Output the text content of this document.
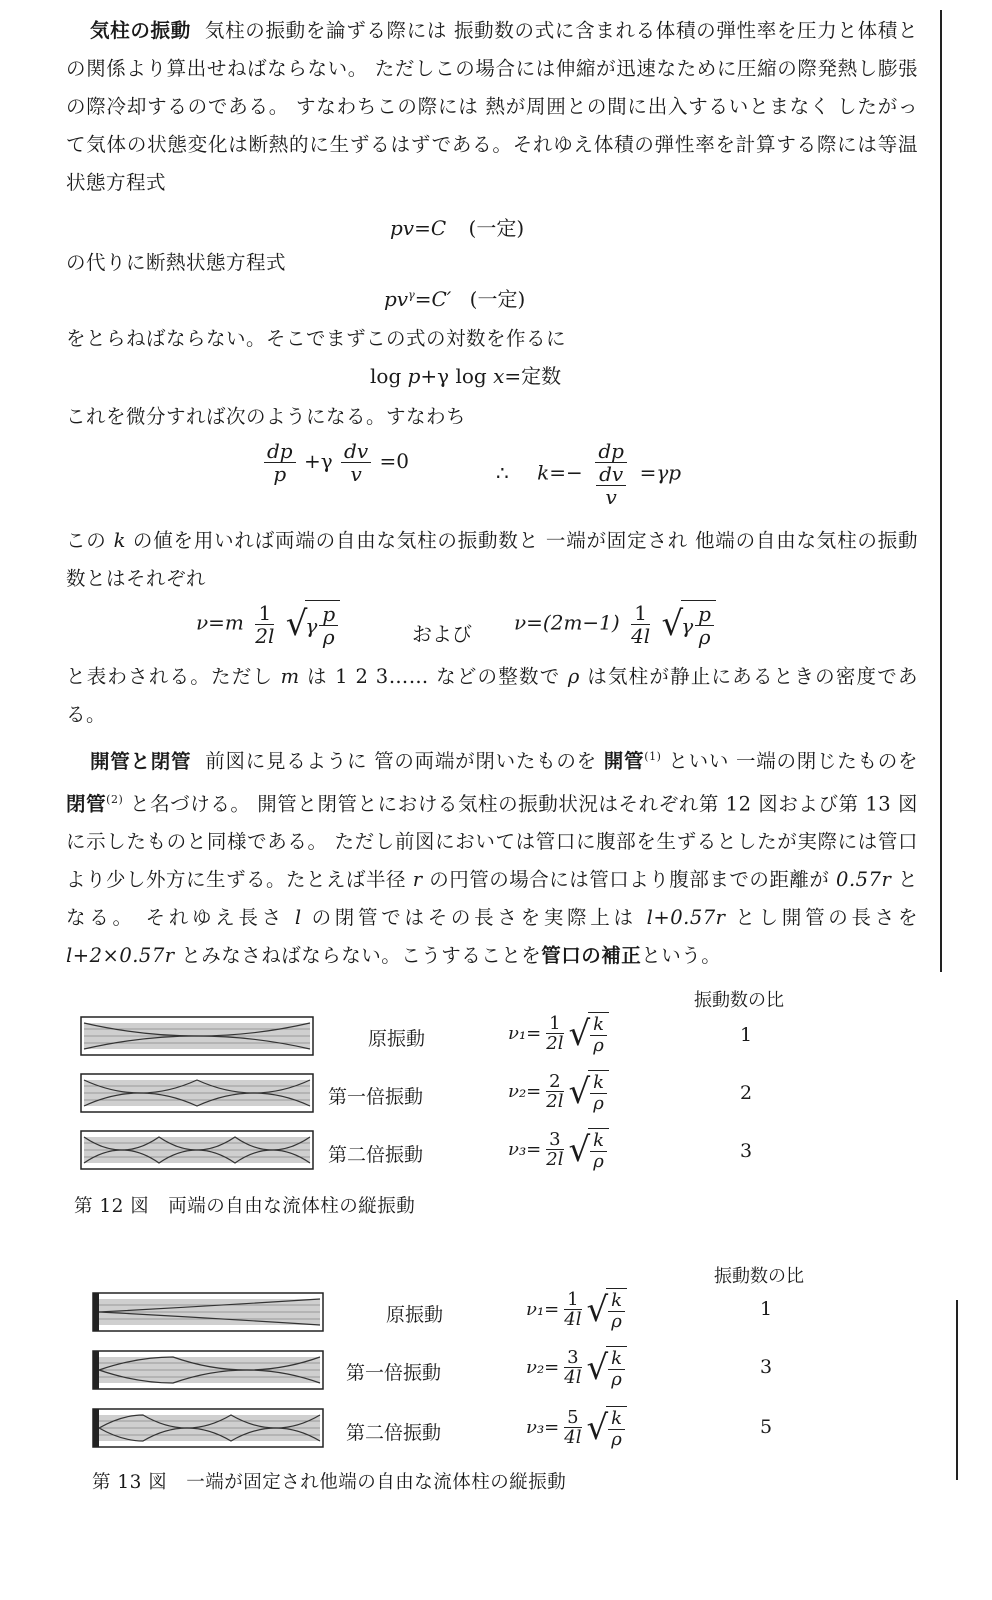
気柱の振動 気柱の振動を論ずる際には 振動数の式に含まれる体積の弾性率を圧力と体積との関係より算出せねばならない。 ただしこの場合には伸縮が迅速なために圧縮の際発熱し膨張の際冷却するのである。 すなわちこの際には 熱が周囲との間に出入するいとまなく したがって気体の状態変化は断熱的に生ずるはずである。それゆえ体積の弾性率を計算する際には等温状態方程式

pv=C (一定)
の代りに断熱状態方程式
$pv^\gamma=C'$ (一定)
をとらねばならない。そこでまずこの式の対数を作るに
log p+γ log x=定数
これを微分すれば次のようになる。すなわち
$\frac{dp}{p} +\gamma \frac{dv}{v} =0$	∴ $k=- \frac{dp}{\frac{dv}{v}} =\gamma p$

この k の値を用いれば両端の自由な気柱の振動数と 一端が固定され 他端の自由な気柱の振動数とはそれぞれ

$\nu=m \frac{1}{2l}$
√
γ $\frac{p}{\rho}$	および $\nu=(2m-1) \frac{1}{4l}$
√
γ $\frac{p}{\rho}$

と表わされる。ただし m は 1 2 3…… などの整数で ρ は気柱が静止にあるときの密度である。

開管と閉管 前図に見るように 管の両端が閉いたものを 開管$^{(1)}$ といい 一端の閉じたものを 閉管$^{(2)}$ と名づける。 開管と閉管とにおける気柱の振動状況はそれぞれ第 12 図および第 13 図に示したものと同様である。 ただし前図においては管口に腹部を生ずるとしたが実際には管口より少し外方に生ずる。たとえば半径 r の円管の場合には管口より腹部までの距離が 0.57r となる。 それゆえ長さ l の閉管ではその長さを実際上は l+0.57r とし開管の長さを l+2×0.57r とみなさねばならない。こうすることを管口の補正という。

振動数の比
原振動
第一倍振動
第二倍振動
$\nu_1= \frac{1}{2l}$ √ $\frac{k}{\rho}$
$\nu_2= \frac{2}{2l}$ √ $\frac{k}{\rho}$
$\nu_3= \frac{3}{2l}$ √ $\frac{k}{\rho}$
1
2
3
第 12 図　両端の自由な流体柱の縦振動
振動数の比
原振動
第一倍振動
第二倍振動
$\nu_1= \frac{1}{4l}$ √ $\frac{k}{\rho}$
$\nu_2= \frac{3}{4l}$ √ $\frac{k}{\rho}$
$\nu_3= \frac{5}{4l}$ √ $\frac{k}{\rho}$
1
3
5
第 13 図　一端が固定され他端の自由な流体柱の縦振動
